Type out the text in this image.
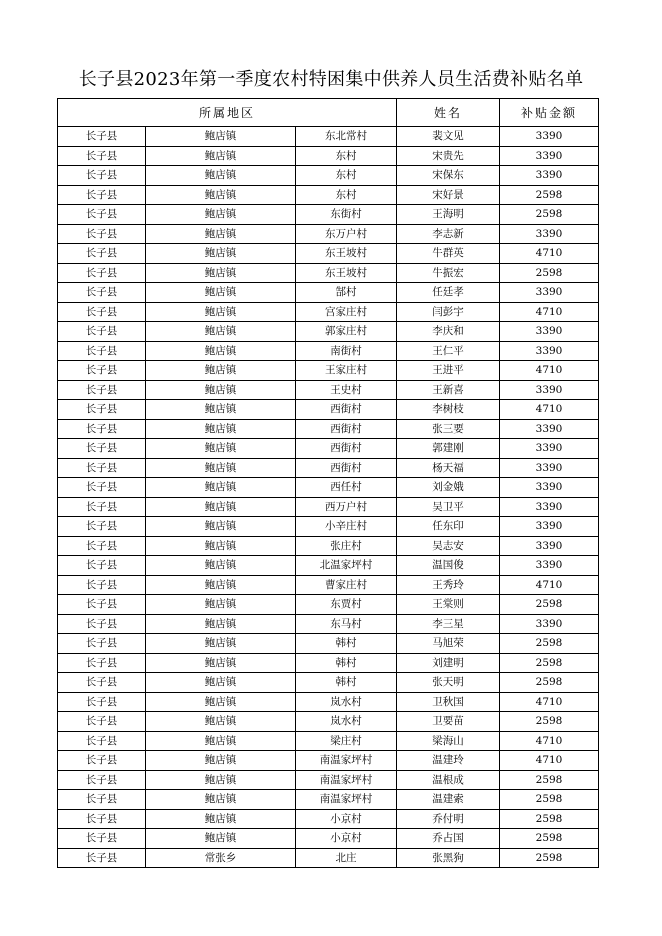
长子县2023年第一季度农村特困集中供养人员生活费补贴名单
所属地区			姓名	补贴金额
长子县	鲍店镇	东北常村	裴文见	3390
长子县	鲍店镇	东村	宋贵先	3390
长子县	鲍店镇	东村	宋保东	3390
长子县	鲍店镇	东村	宋好景	2598
长子县	鲍店镇	东街村	王海明	2598
长子县	鲍店镇	东万户村	李志新	3390
长子县	鲍店镇	东王坡村	牛群英	4710
长子县	鲍店镇	东王坡村	牛振宏	2598
长子县	鲍店镇	郜村	任廷孝	3390
长子县	鲍店镇	宫家庄村	闫彭宇	4710
长子县	鲍店镇	郭家庄村	李庆和	3390
长子县	鲍店镇	南街村	王仁平	3390
长子县	鲍店镇	王家庄村	王进平	4710
长子县	鲍店镇	王史村	王新喜	3390
长子县	鲍店镇	西街村	李树枝	4710
长子县	鲍店镇	西街村	张三要	3390
长子县	鲍店镇	西街村	郭建刚	3390
长子县	鲍店镇	西街村	杨天福	3390
长子县	鲍店镇	西任村	刘金娥	3390
长子县	鲍店镇	西万户村	吴卫平	3390
长子县	鲍店镇	小辛庄村	任东印	3390
长子县	鲍店镇	张庄村	吴志安	3390
长子县	鲍店镇	北温家坪村	温国俊	3390
长子县	鲍店镇	曹家庄村	王秀玲	4710
长子县	鲍店镇	东贾村	王棠则	2598
长子县	鲍店镇	东马村	李三星	3390
长子县	鲍店镇	韩村	马旭荣	2598
长子县	鲍店镇	韩村	刘建明	2598
长子县	鲍店镇	韩村	张天明	2598
长子县	鲍店镇	岚水村	卫秋国	4710
长子县	鲍店镇	岚水村	卫要苗	2598
长子县	鲍店镇	梁庄村	梁海山	4710
长子县	鲍店镇	南温家坪村	温建玲	4710
长子县	鲍店镇	南温家坪村	温根成	2598
长子县	鲍店镇	南温家坪村	温建索	2598
长子县	鲍店镇	小京村	乔付明	2598
长子县	鲍店镇	小京村	乔占国	2598
长子县	常张乡	北庄	张黑狗	2598
